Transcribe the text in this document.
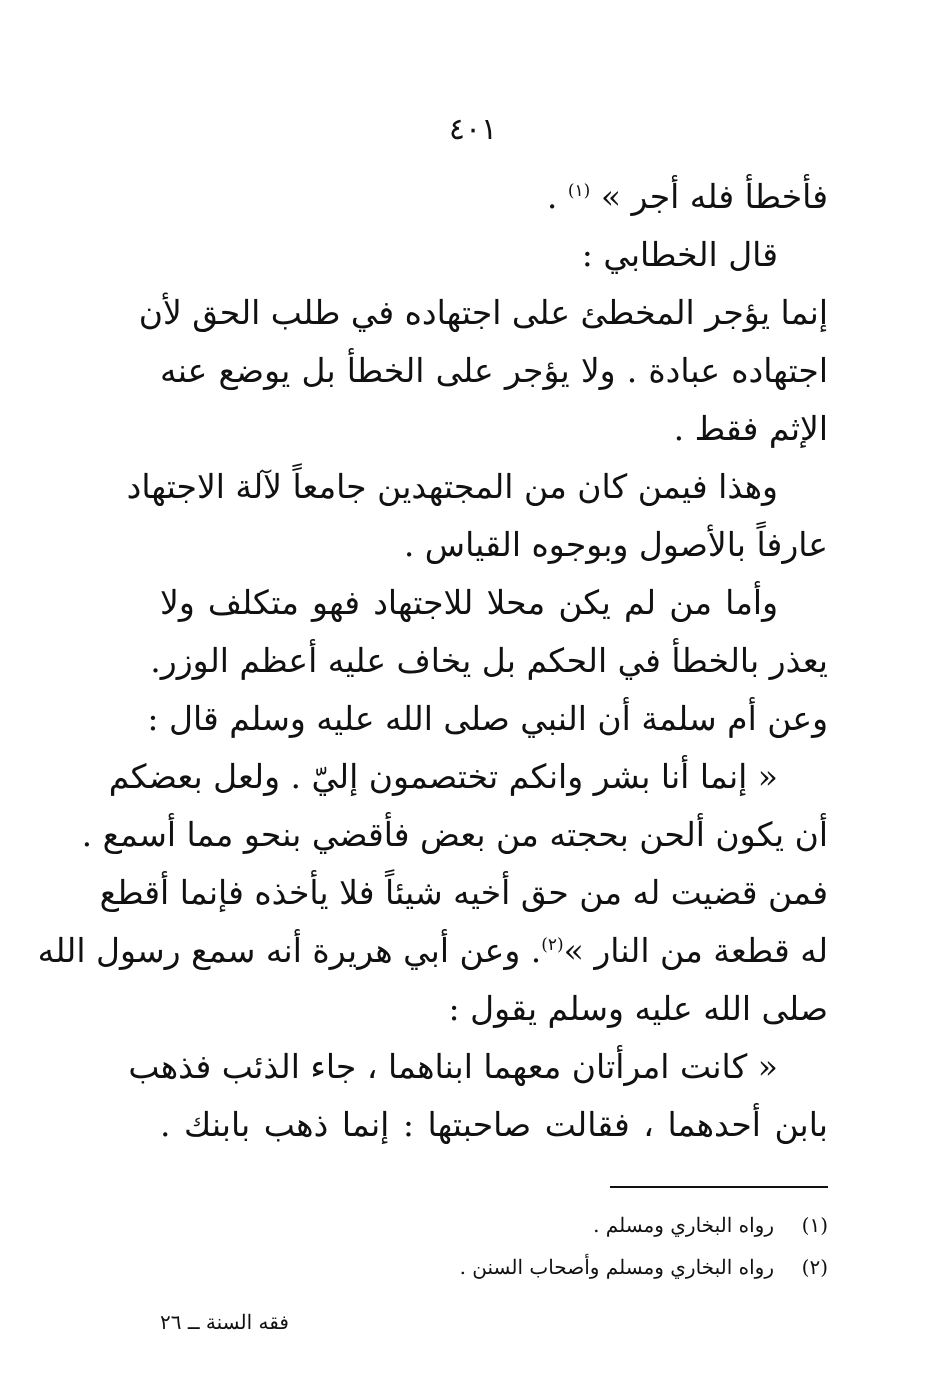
٤٠١
فأخطأ فله أجر » $^{(١)}$ .
قال الخطابي :
إنما يؤجر المخطئ على اجتهاده في طلب الحق لأن
اجتهاده عبادة . ولا يؤجر على الخطأ بل يوضع عنه
الإثم فقط .
وهذا فيمن كان من المجتهدين جامعاً لآلة الاجتهاد
عارفاً بالأصول وبوجوه القياس .
وأما من لم يكن محلا للاجتهاد فهو متكلف ولا
يعذر بالخطأ في الحكم بل يخاف عليه أعظم الوزر.
وعن أم سلمة أن النبي صلى الله عليه وسلم قال :
« إنما أنا بشر وانكم تختصمون إليّ . ولعل بعضكم
أن يكون ألحن بحجته من بعض فأقضي بنحو مما أسمع .
فمن قضيت له من حق أخيه شيئاً فلا يأخذه فإنما أقطع
له قطعة من النار »$^{(٢)}$. وعن أبي هريرة أنه سمع رسول الله
صلى الله عليه وسلم يقول :
« كانت امرأتان معهما ابناهما ، جاء الذئب فذهب
بابن أحدهما ، فقالت صاحبتها : إنما ذهب بابنك .
(١)رواه البخاري ومسلم .
(٢)رواه البخاري ومسلم وأصحاب السنن .
فقه السنة ــ ٢٦
